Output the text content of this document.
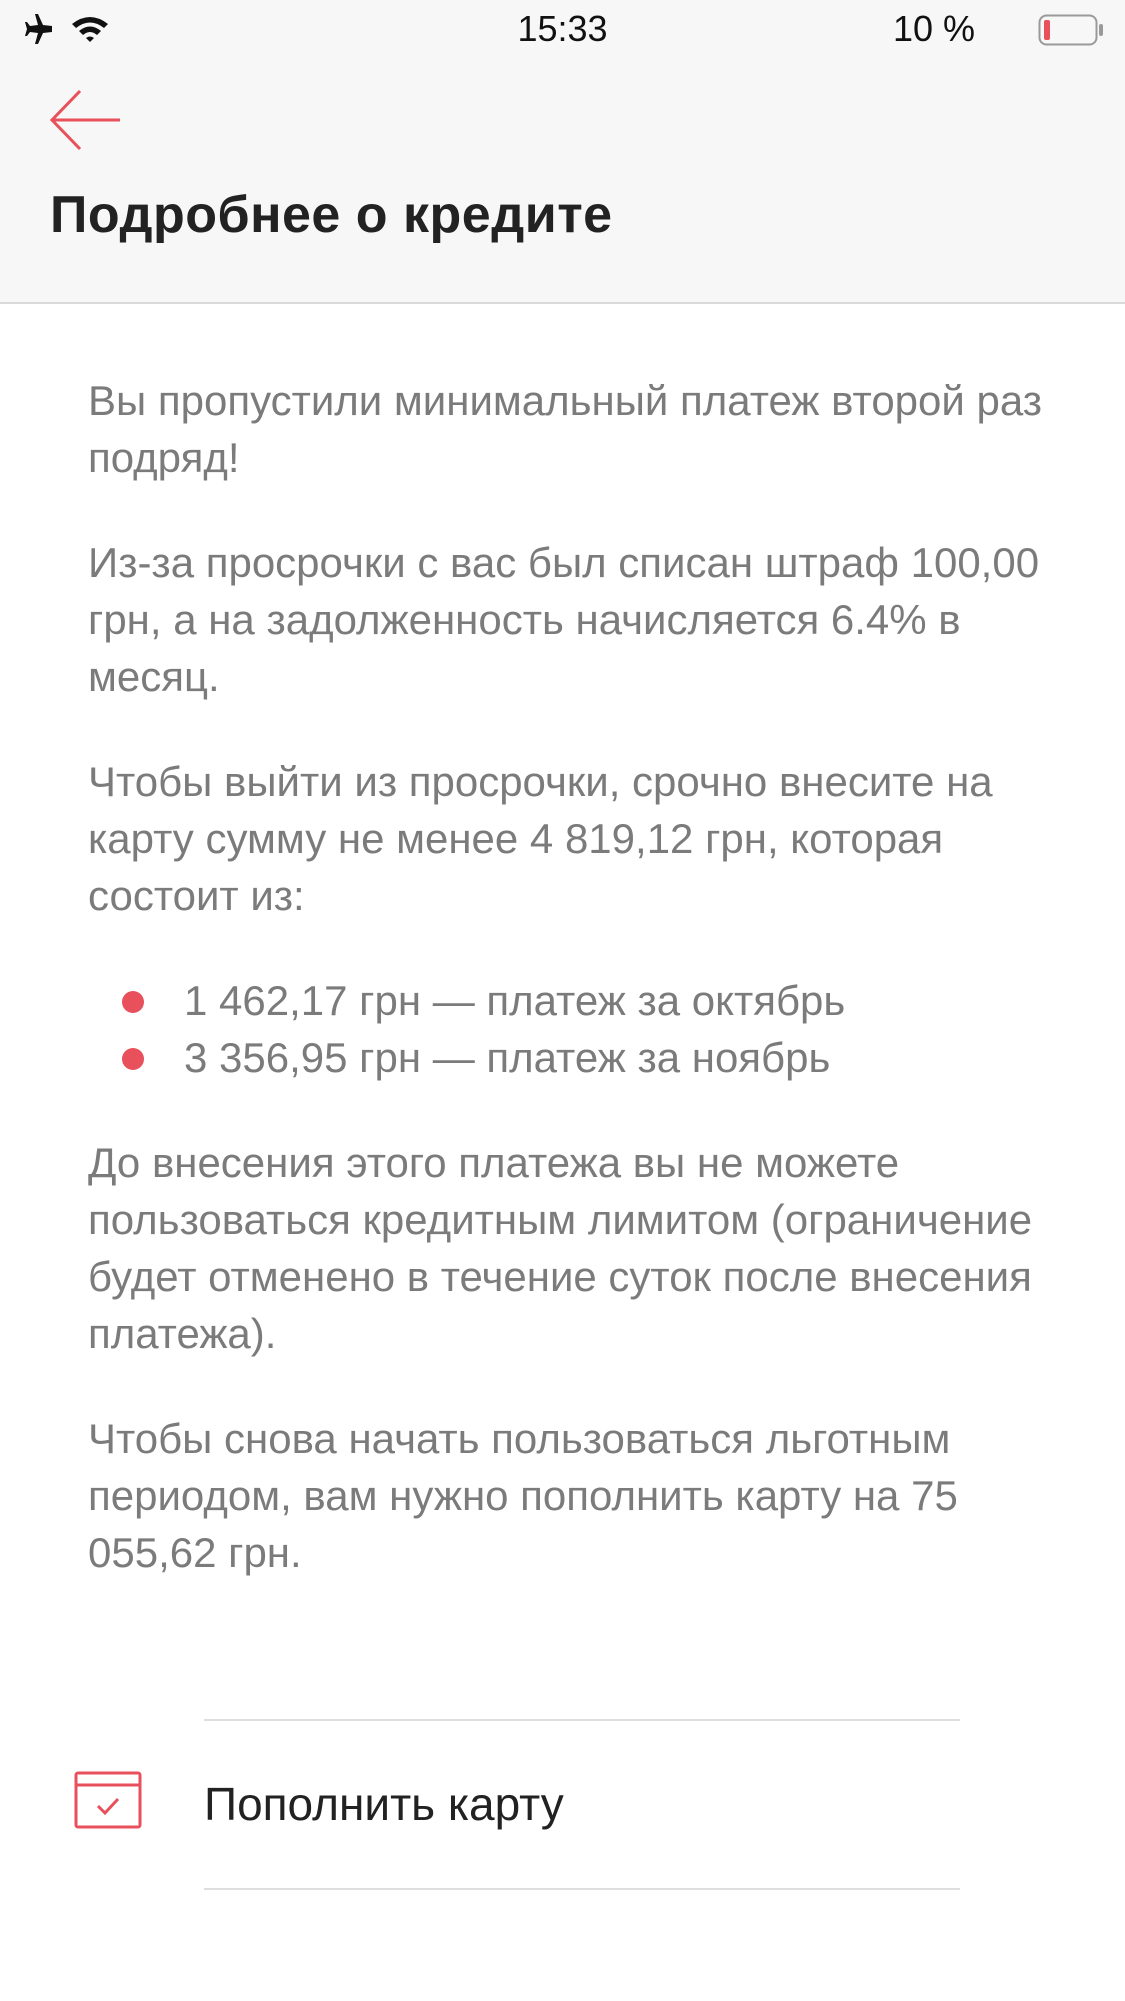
15:33	10 %
Подробнее о кредите

Вы пропустили минимальный платеж второй раз подряд!

Из-за просрочки с вас был списан штраф 100,00 грн, а на задолженность начисляется 6.4% в месяц.

Чтобы выйти из просрочки, срочно внесите на карту сумму не менее 4 819,12 грн, которая состоит из:

1 462,17 грн — платеж за октябрь
3 356,95 грн — платеж за ноябрь

До внесения этого платежа вы не можете пользоваться кредитным лимитом (ограничение будет отменено в течение суток после внесения платежа).

Чтобы снова начать пользоваться льготным периодом, вам нужно пополнить карту на 75 055,62 грн.

Пополнить карту
